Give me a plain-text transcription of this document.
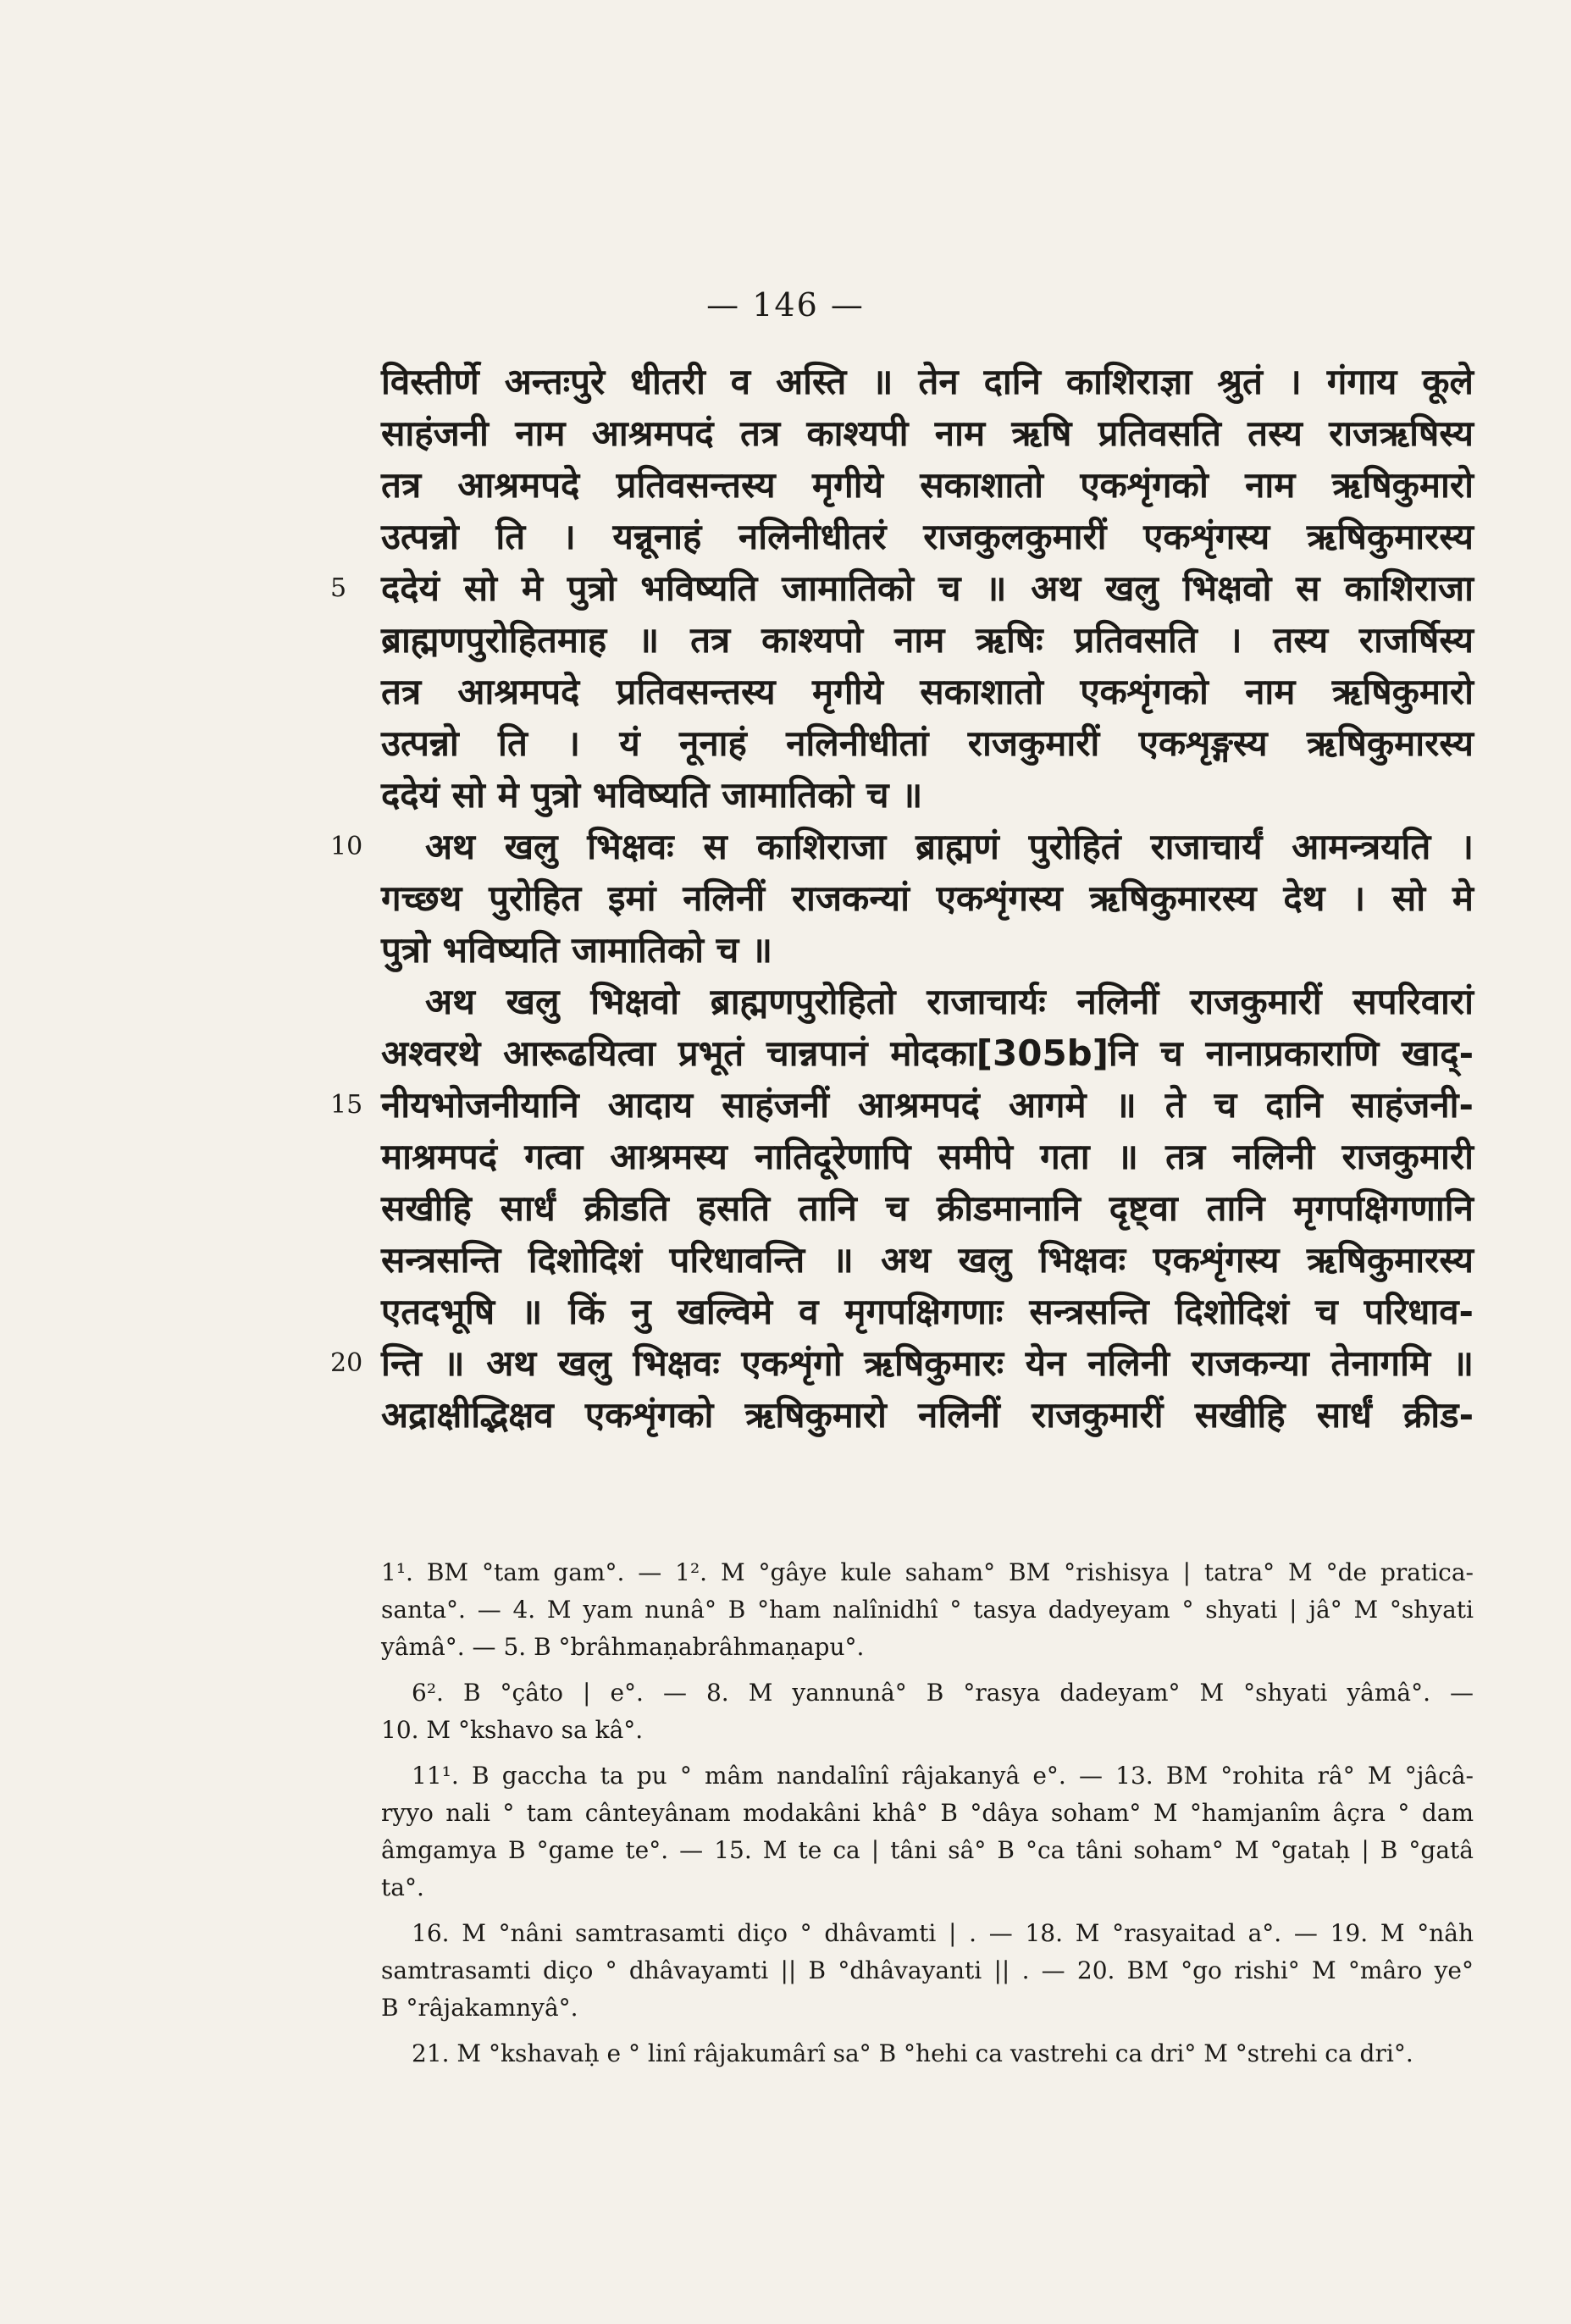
— 146 —
विस्तीर्णे अन्तःपुरे धीतरी व अस्ति ॥ तेन दानि काशिराज्ञा श्रुतं । गंगाय कूले
साहंजनी नाम आश्रमपदं तत्र काश्यपी नाम ऋषि प्रतिवसति तस्य राजऋषिस्य
तत्र आश्रमपदे प्रतिवसन्तस्य मृगीये सकाशातो एकशृंगको नाम ऋषिकुमारो
उत्पन्नो ति । यन्नूनाहं नलिनीधीतरं राजकुलकुमारीं एकशृंगस्य ऋषिकुमारस्य
5 ददेयं सो मे पुत्रो भविष्यति जामातिको च ॥ अथ खलु भिक्षवो स काशिराजा
ब्राह्मणपुरोहितमाह ॥ तत्र काश्यपो नाम ऋषिः प्रतिवसति । तस्य राजर्षिस्य
तत्र आश्रमपदे प्रतिवसन्तस्य मृगीये सकाशातो एकशृंगको नाम ऋषिकुमारो
उत्पन्नो ति । यं नूनाहं नलिनीधीतां राजकुमारीं एकशृङ्गस्य ऋषिकुमारस्य
ददेयं सो मे पुत्रो भविष्यति जामातिको च ॥
10 अथ खलु भिक्षवः स काशिराजा ब्राह्मणं पुरोहितं राजाचार्यं आमन्त्रयति ।
गच्छथ पुरोहित इमां नलिनीं राजकन्यां एकशृंगस्य ऋषिकुमारस्य देथ । सो मे
पुत्रो भविष्यति जामातिको च ॥
अथ खलु भिक्षवो ब्राह्मणपुरोहितो राजाचार्यः नलिनीं राजकुमारीं सपरिवारां
अश्वरथे आरूढयित्वा प्रभूतं चान्नपानं मोदका[305b]नि च नानाप्रकाराणि खाद्-
15 नीयभोजनीयानि आदाय साहंजनीं आश्रमपदं आगमे ॥ ते च दानि साहंजनी-
माश्रमपदं गत्वा आश्रमस्य नातिदूरेणापि समीपे गता ॥ तत्र नलिनी राजकुमारी
सखीहि सार्धं क्रीडति हसति तानि च क्रीडमानानि दृष्ट्वा तानि मृगपक्षिगणानि
सन्त्रसन्ति दिशोदिशं परिधावन्ति ॥ अथ खलु भिक्षवः एकशृंगस्य ऋषिकुमारस्य
एतदभूषि ॥ किं नु खल्विमे व मृगपक्षिगणाः सन्त्रसन्ति दिशोदिशं च परिधाव-
20 न्ति ॥ अथ खलु भिक्षवः एकशृंगो ऋषिकुमारः येन नलिनी राजकन्या तेनागमि ॥
अद्राक्षीद्भिक्षव एकशृंगको ऋषिकुमारो नलिनीं राजकुमारीं सखीहि सार्धं क्रीड-
1¹. BM °tam gam°. — 1². M °gâye kule saham° BM °rishisya | tatra° M °de pratica-
santa°. — 4. M yam nunâ° B °ham nalînidhî ° tasya dadyeyam ° shyati | jâ° M °shyati
yâmâ°. — 5. B °brâhmaṇabrâhmaṇapu°.
6². B °çâto | e°. — 8. M yannunâ° B °rasya dadeyam° M °shyati yâmâ°. —
10. M °kshavo sa kâ°.
11¹. B gaccha ta pu ° mâm nandalînî râjakanyâ e°. — 13. BM °rohita râ° M °jâcâ-
ryyo nali ° tam cânteyânam modakâni khâ° B °dâya soham° M °hamjanîm âçra ° dam
âmgamya B °game te°. — 15. M te ca | tâni sâ° B °ca tâni soham° M °gataḥ | B °gatâ
ta°.
16. M °nâni samtrasamti diço ° dhâvamti | . — 18. M °rasyaitad a°. — 19. M °nâh
samtrasamti diço ° dhâvayamti || B °dhâvayanti || . — 20. BM °go rishi° M °mâro ye°
B °râjakamnyâ°.
21. M °kshavaḥ e ° linî râjakumârî sa° B °hehi ca vastrehi ca dri° M °strehi ca dri°.
